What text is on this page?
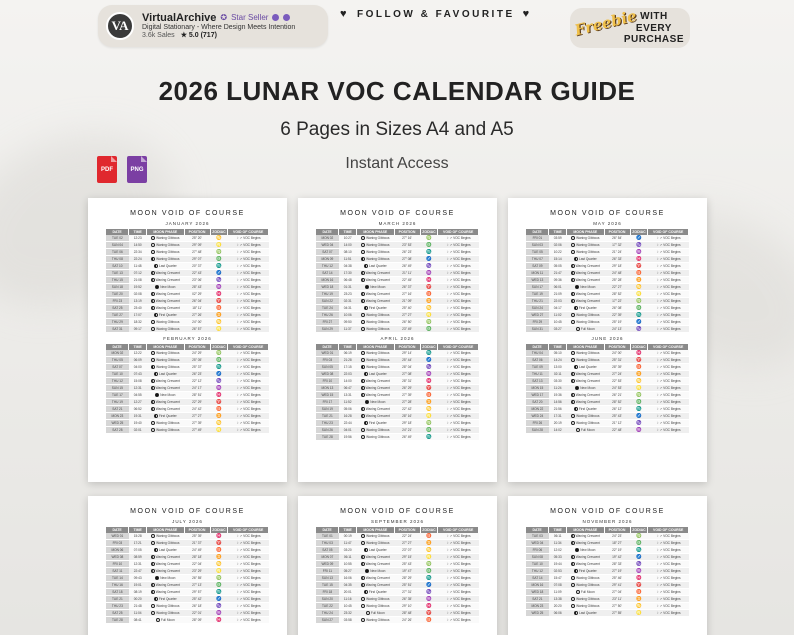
VA
VirtualArchive ✪ Star Seller
Digital Stationary - Where Design Meets Intention
3.6k Sales ★ 5.0 (717)
♥ FOLLOW & FAVOURITE ♥	Freebie WITH
EVERY
PURCHASE
2026 LUNAR VOC CALENDAR GUIDE
6 Pages in Sizes A4 and A5
Instant Access
PDF	PNG
MOON VOID OF COURSE
JANUARY 2026
DATE	TIME	MOON PHASE	POSITION	ZODIAC	VOID OF COURSE
TUE 02	12:23	Waning Gibbous	25° 20'	♋	☽ ↗ VOC Begins
SUN 04	14:50	Waning Gibbous	29° 09'	♌	☽ ↗ VOC Begins
TUE 06	22:34	Waning Gibbous	27° 48'	♍	☽ ↗ VOC Begins
THU 08	22:24	Waning Gibbous	29° 07'	♎	☽ ↗ VOC Begins
SAT 10	11:48	Last Quarter	20° 37'	♏	☽ ↗ VOC Begins
TUE 13	07:12	Waning Crescent	22° 43'	♐	☽ ↗ VOC Begins
THU 15	21:08	Waning Crescent	23° 06'	♑	☽ ↗ VOC Begins
SUN 18	19:52	New Moon	28° 43'	♒	☽ ↗ VOC Begins
TUE 20	02:08	Waxing Crescent	02° 29'	♓	☽ ↗ VOC Begins
FRI 23	13:19	Waxing Crescent	26° 04'	♈	☽ ↗ VOC Begins
SAT 25	23:40	Waxing Crescent	18° 11'	♉	☽ ↗ VOC Begins
TUE 27	17:07	First Quarter	27° 26'	♊	☽ ↗ VOC Begins
THU 29	18:32	Waxing Gibbous	24° 00'	♋	☽ ↗ VOC Begins
SAT 31	09:17	Waxing Gibbous	26° 57'	♌	☽ ↗ VOC Begins
FEBRUARY 2026
DATE	TIME	MOON PHASE	POSITION	ZODIAC	VOID OF COURSE
MON 02	12:22	Waning Gibbous	24° 29'	♍	☽ ↗ VOC Begins
THU 05	06:09	Waning Gibbous	25° 05'	♎	☽ ↗ VOC Begins
SAT 07	04:00	Waning Gibbous	25° 37'	♏	☽ ↗ VOC Begins
TUE 10	07:43	Last Quarter	26° 23'	♐	☽ ↗ VOC Begins
THU 12	15:08	Waning Crescent	22° 12'	♑	☽ ↗ VOC Begins
SUN 15	12:31	Waning Crescent	24° 17'	♒	☽ ↗ VOC Begins
TUE 17	04:55	New Moon	28° 51'	♓	☽ ↗ VOC Begins
THU 19	12:27	Waxing Crescent	22° 29'	♈	☽ ↗ VOC Begins
SAT 21	06:52	Waxing Crescent	24° 42'	♉	☽ ↗ VOC Begins
MON 23	19:31	First Quarter	27° 27'	♊	☽ ↗ VOC Begins
WED 25	19:40	Waxing Gibbous	27° 39'	♋	☽ ↗ VOC Begins
SAT 28	02:01	Waxing Gibbous	27° 49'	♌	☽ ↗ VOC Begins
MOON VOID OF COURSE
MARCH 2026
DATE	TIME	MOON PHASE	POSITION	ZODIAC	VOID OF COURSE
MON 02	10:27	Waning Gibbous	27° 16'	♍	☽ ↗ VOC Begins
WED 04	14:00	Waning Gibbous	23° 53'	♎	☽ ↗ VOC Begins
SAT 07	08:10	Waning Gibbous	26° 23'	♏	☽ ↗ VOC Begins
MON 09	11:51	Waning Gibbous	27° 08'	♐	☽ ↗ VOC Begins
THU 12	04:38	Last Quarter	26° 49'	♑	☽ ↗ VOC Begins
SAT 14	17:30	Waning Crescent	21° 11'	♒	☽ ↗ VOC Begins
MON 16	06:48	Waning Crescent	22° 45'	♓	☽ ↗ VOC Begins
WED 18	01:31	New Moon	26° 37'	♈	☽ ↗ VOC Begins
THU 19	23:23	Waxing Crescent	27° 16'	♉	☽ ↗ VOC Begins
SUN 22	02:31	Waxing Crescent	21° 09'	♊	☽ ↗ VOC Begins
TUE 24	04:31	First Quarter	25° 40'	♋	☽ ↗ VOC Begins
THU 26	10:06	Waxing Gibbous	27° 27'	♌	☽ ↗ VOC Begins
FRI 27	09:50	Waxing Gibbous	26° 50'	♍	☽ ↗ VOC Begins
SUN 29	11:37	Waxing Gibbous	23° 49'	♎	☽ ↗ VOC Begins
APRIL 2026
DATE	TIME	MOON PHASE	POSITION	ZODIAC	VOID OF COURSE
WED 01	06:19	Waning Gibbous	29° 14'	♏	☽ ↗ VOC Begins
FRI 03	21:28	Waning Gibbous	25° 44'	♐	☽ ↗ VOC Begins
SUN 05	17:15	Waning Gibbous	28° 04'	♑	☽ ↗ VOC Begins
WED 08	22:03	Last Quarter	27° 08'	♒	☽ ↗ VOC Begins
FRI 10	14:00	Waning Crescent	28° 31'	♓	☽ ↗ VOC Begins
MON 13	06:47	Waning Crescent	26° 29'	♈	☽ ↗ VOC Begins
WED 15	13:31	Waning Crescent	27° 39'	♉	☽ ↗ VOC Begins
FRI 17	11:52	New Moon	27° 28'	♊	☽ ↗ VOC Begins
SUN 19	05:06	Waxing Crescent	22° 42'	♋	☽ ↗ VOC Begins
TUE 21	16:28	Waxing Crescent	28° 16'	♌	☽ ↗ VOC Begins
THU 23	22:44	First Quarter	29° 18'	♍	☽ ↗ VOC Begins
SUN 26	04:01	Waxing Gibbous	24° 21'	♎	☽ ↗ VOC Begins
TUE 28	19:56	Waxing Gibbous	26° 49'	♏	☽ ↗ VOC Begins
MOON VOID OF COURSE
MAY 2026
DATE	TIME	MOON PHASE	POSITION	ZODIAC	VOID OF COURSE
FRI 01	03:59	Waning Gibbous	26° 54'	♐	☽ ↗ VOC Begins
SUN 03	02:06	Waning Gibbous	17° 32'	♑	☽ ↗ VOC Begins
TUE 05	10:22	Waning Gibbous	21° 24'	♒	☽ ↗ VOC Begins
THU 07	15:14	Last Quarter	26° 33'	♓	☽ ↗ VOC Begins
SAT 09	05:05	Waning Crescent	29° 18'	♈	☽ ↗ VOC Begins
MON 11	21:47	Waning Crescent	24° 48'	♉	☽ ↗ VOC Begins
WED 13	09:36	Waning Crescent	25° 28'	♊	☽ ↗ VOC Begins
SUN 17	06:01	New Moon	22° 27'	♋	☽ ↗ VOC Begins
TUE 19	21:09	Waxing Crescent	28° 52'	♌	☽ ↗ VOC Begins
THU 21	22:03	Waxing Crescent	17° 22'	♍	☽ ↗ VOC Begins
SUN 24	04:17	First Quarter	26° 08'	♎	☽ ↗ VOC Begins
WED 27	11:02	Waxing Gibbous	22° 39'	♏	☽ ↗ VOC Begins
FRI 29	10:45	Waxing Gibbous	25° 19'	♐	☽ ↗ VOC Begins
SUN 31	03:27	Full Moon	24° 13'	♑	☽ ↗ VOC Begins
JUNE 2026
DATE	TIME	MOON PHASE	POSITION	ZODIAC	VOID OF COURSE
THU 04	05:10	Waning Gibbous	24° 00'	♓	☽ ↗ VOC Begins
SAT 06	14:24	Waning Gibbous	25° 31'	♈	☽ ↗ VOC Begins
TUE 09	13:00	Last Quarter	28° 39'	♉	☽ ↗ VOC Begins
THU 11	02:11	Waning Crescent	27° 24'	♊	☽ ↗ VOC Begins
SAT 13	03:30	Waning Crescent	22° 53'	♋	☽ ↗ VOC Begins
MON 15	11:24	New Moon	24° 53'	♌	☽ ↗ VOC Begins
WED 17	19:36	Waxing Crescent	26° 21'	♍	☽ ↗ VOC Begins
SAT 20	14:56	Waxing Crescent	28° 52'	♎	☽ ↗ VOC Begins
MON 22	21:56	First Quarter	26° 12'	♏	☽ ↗ VOC Begins
WED 24	17:31	Waxing Gibbous	25° 43'	♐	☽ ↗ VOC Begins
FRI 26	20:19	Waxing Gibbous	21° 12'	♑	☽ ↗ VOC Begins
SUN 28	14:02	Full Moon	22° 48'	♒	☽ ↗ VOC Begins
MOON VOID OF COURSE
JULY 2026
DATE	TIME	MOON PHASE	POSITION	ZODIAC	VOID OF COURSE
WED 01	15:28	Waning Gibbous	25° 39'	♓	☽ ↗ VOC Begins
FRI 03	17:21	Waning Gibbous	21° 37'	♈	☽ ↗ VOC Begins
MON 06	07:05	Last Quarter	24° 49'	♉	☽ ↗ VOC Begins
WED 08	08:59	Waning Crescent	28° 18'	♊	☽ ↗ VOC Begins
FRI 10	12:31	Waning Crescent	22° 04'	♋	☽ ↗ VOC Begins
SAT 11	22:47	Waning Crescent	23° 29'	♌	☽ ↗ VOC Begins
TUE 14	09:43	New Moon	26° 55'	♍	☽ ↗ VOC Begins
THU 16	19:01	Waxing Crescent	27° 13'	♎	☽ ↗ VOC Begins
SAT 18	08:19	Waxing Crescent	29° 57'	♏	☽ ↗ VOC Begins
TUE 21	00:20	First Quarter	25° 42'	♐	☽ ↗ VOC Begins
THU 23	21:48	Waxing Gibbous	26° 18'	♑	☽ ↗ VOC Begins
SAT 25	11:04	Waxing Gibbous	22° 01'	♒	☽ ↗ VOC Begins
TUE 28	08:41	Full Moon	28° 09'	♓	☽ ↗ VOC Begins
MOON VOID OF COURSE
SEPTEMBER 2026
DATE	TIME	MOON PHASE	POSITION	ZODIAC	VOID OF COURSE
TUE 01	00:19	Waning Gibbous	22° 24'	♉	☽ ↗ VOC Begins
THU 03	11:47	Waning Gibbous	27° 27'	♊	☽ ↗ VOC Begins
SAT 05	03:20	Last Quarter	23° 07'	♋	☽ ↗ VOC Begins
MON 07	06:11	Waning Crescent	29° 15'	♌	☽ ↗ VOC Begins
WED 09	10:55	Waning Crescent	25° 43'	♍	☽ ↗ VOC Begins
FRI 11	05:27	New Moon	19° 47'	♎	☽ ↗ VOC Begins
SUN 13	16:06	Waxing Crescent	28° 29'	♏	☽ ↗ VOC Begins
TUE 15	04:35	Waxing Crescent	25° 51'	♐	☽ ↗ VOC Begins
FRI 18	20:01	First Quarter	27° 31'	♑	☽ ↗ VOC Begins
SUN 20	11:16	Waxing Gibbous	26° 35'	♒	☽ ↗ VOC Begins
TUE 22	10:45	Waxing Gibbous	29° 10'	♓	☽ ↗ VOC Begins
THU 24	23:32	Full Moon	28° 48'	♈	☽ ↗ VOC Begins
SUN 27	03:58	Waning Gibbous	24° 26'	♉	☽ ↗ VOC Begins
MOON VOID OF COURSE
NOVEMBER 2026
DATE	TIME	MOON PHASE	POSITION	ZODIAC	VOID OF COURSE
TUE 03	06:11	Waning Crescent	24° 23'	♍	☽ ↗ VOC Begins
WED 04	11:34	Waning Crescent	18° 27'	♎	☽ ↗ VOC Begins
FRI 06	12:02	New Moon	22° 19'	♏	☽ ↗ VOC Begins
SUN 08	05:33	Waxing Crescent	19° 42'	♐	☽ ↗ VOC Begins
TUE 10	19:44	Waxing Crescent	28° 33'	♑	☽ ↗ VOC Begins
THU 12	02:53	First Quarter	27° 19'	♒	☽ ↗ VOC Begins
SAT 14	15:47	Waxing Gibbous	25° 46'	♓	☽ ↗ VOC Begins
MON 16	07:08	Waxing Gibbous	29° 41'	♈	☽ ↗ VOC Begins
WED 18	11:09	Full Moon	27° 04'	♉	☽ ↗ VOC Begins
SAT 21	13:38	Waning Gibbous	23° 11'	♊	☽ ↗ VOC Begins
MON 23	20:20	Waning Gibbous	27° 50'	♋	☽ ↗ VOC Begins
WED 25	06:06	Last Quarter	27° 55'	♌	☽ ↗ VOC Begins
